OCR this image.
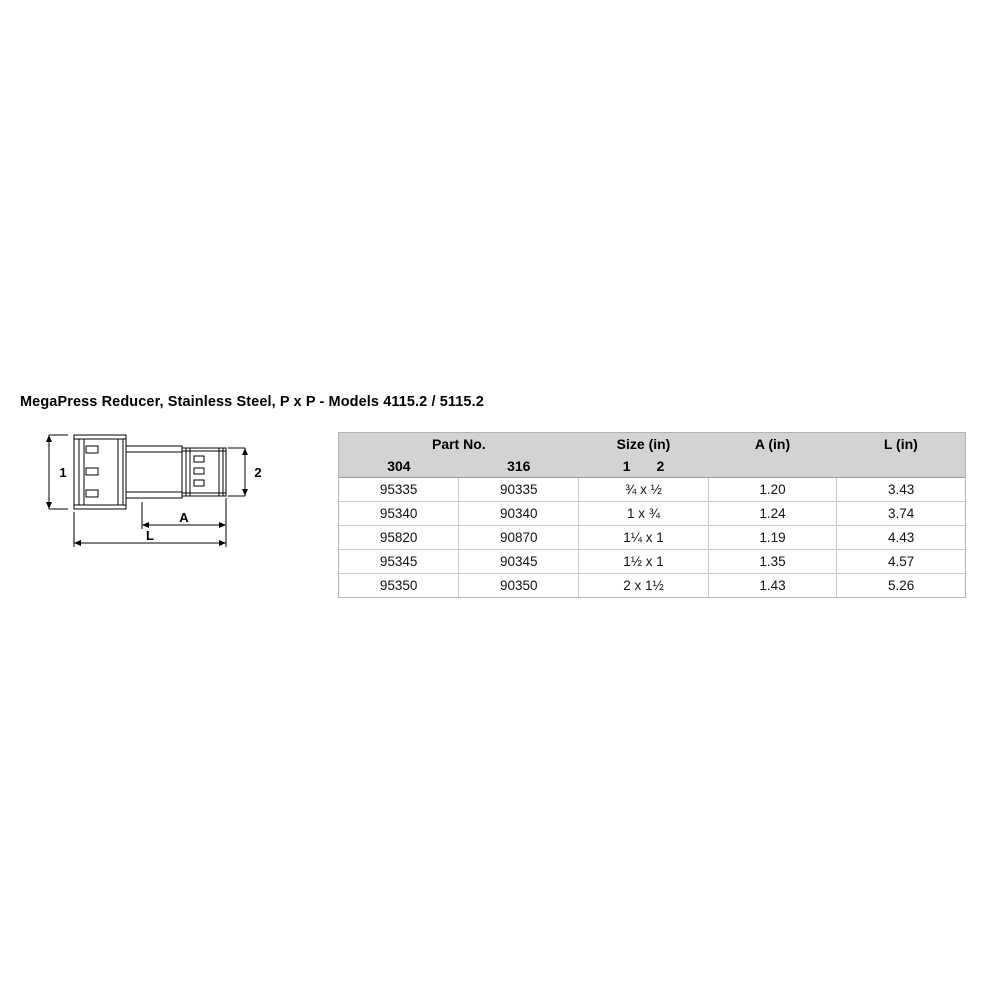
MegaPress Reducer, Stainless Steel, P x P - Models 4115.2 / 5115.2
1	2
A
L
Part No.		Size (in)	A (in)	L (in)
304	316	1 2		

95335	90335	¾ x ½	1.20	3.43
95340	90340	1 x ¾	1.24	3.74
95820	90870	1¼ x 1	1.19	4.43
95345	90345	1½ x 1	1.35	4.57
95350	90350	2 x 1½	1.43	5.26
